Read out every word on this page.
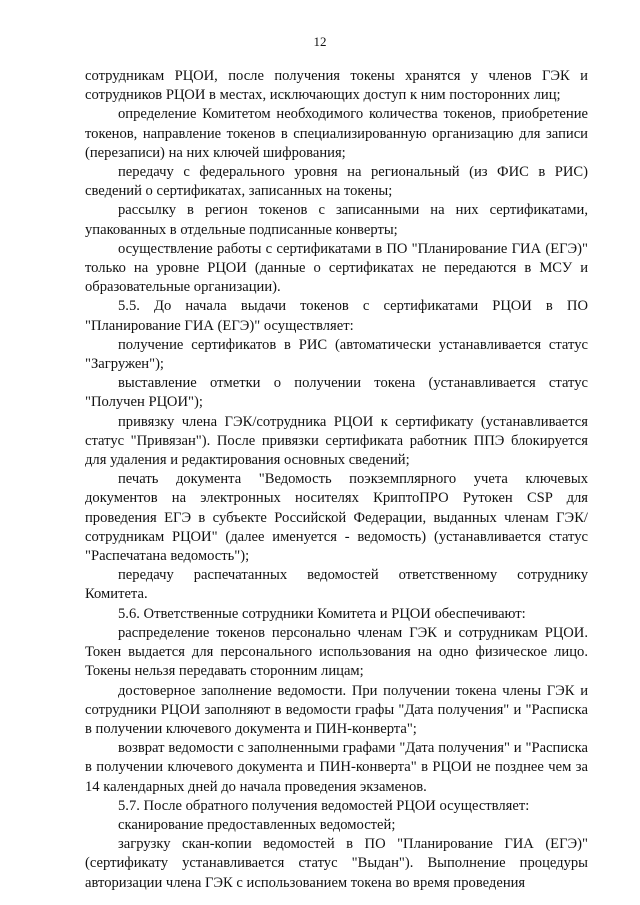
12

сотрудникам РЦОИ, после получения токены хранятся у членов ГЭК и сотрудников РЦОИ в местах, исключающих доступ к ним посторонних лиц;

определение Комитетом необходимого количества токенов, приобретение токенов, направление токенов в специализированную организацию для записи (перезаписи) на них ключей шифрования;

передачу с федерального уровня на региональный (из ФИС в РИС) сведений о сертификатах, записанных на токены;

рассылку в регион токенов с записанными на них сертификатами, упакованных в отдельные подписанные конверты;

осуществление работы с сертификатами в ПО "Планирование ГИА (ЕГЭ)" только на уровне РЦОИ (данные о сертификатах не передаются в МСУ и образовательные организации).

5.5. До начала выдачи токенов с сертификатами РЦОИ в ПО "Планирование ГИА (ЕГЭ)" осуществляет:

получение сертификатов в РИС (автоматически устанавливается статус "Загружен");

выставление отметки о получении токена (устанавливается статус "Получен РЦОИ");

привязку члена ГЭК/сотрудника РЦОИ к сертификату (устанавливается статус "Привязан"). После привязки сертификата работник ППЭ блокируется для удаления и редактирования основных сведений;

печать документа "Ведомость поэкземплярного учета ключевых документов на электронных носителях КриптоПРО Рутокен CSP для проведения ЕГЭ в субъекте Российской Федерации, выданных членам ГЭК/сотрудникам РЦОИ" (далее именуется - ведомость) (устанавливается статус "Распечатана ведомость");

передачу распечатанных ведомостей ответственному сотруднику Комитета.

5.6. Ответственные сотрудники Комитета и РЦОИ обеспечивают:

распределение токенов персонально членам ГЭК и сотрудникам РЦОИ. Токен выдается для персонального использования на одно физическое лицо. Токены нельзя передавать сторонним лицам;

достоверное заполнение ведомости. При получении токена члены ГЭК и сотрудники РЦОИ заполняют в ведомости графы "Дата получения" и "Расписка в получении ключевого документа и ПИН-конверта";

возврат ведомости с заполненными графами "Дата получения" и "Расписка в получении ключевого документа и ПИН-конверта" в РЦОИ не позднее чем за 14 календарных дней до начала проведения экзаменов.

5.7. После обратного получения ведомостей РЦОИ осуществляет:

сканирование предоставленных ведомостей;

загрузку скан-копии ведомостей в ПО "Планирование ГИА (ЕГЭ)" (сертификату устанавливается статус "Выдан"). Выполнение процедуры авторизации члена ГЭК с использованием токена во время проведения
